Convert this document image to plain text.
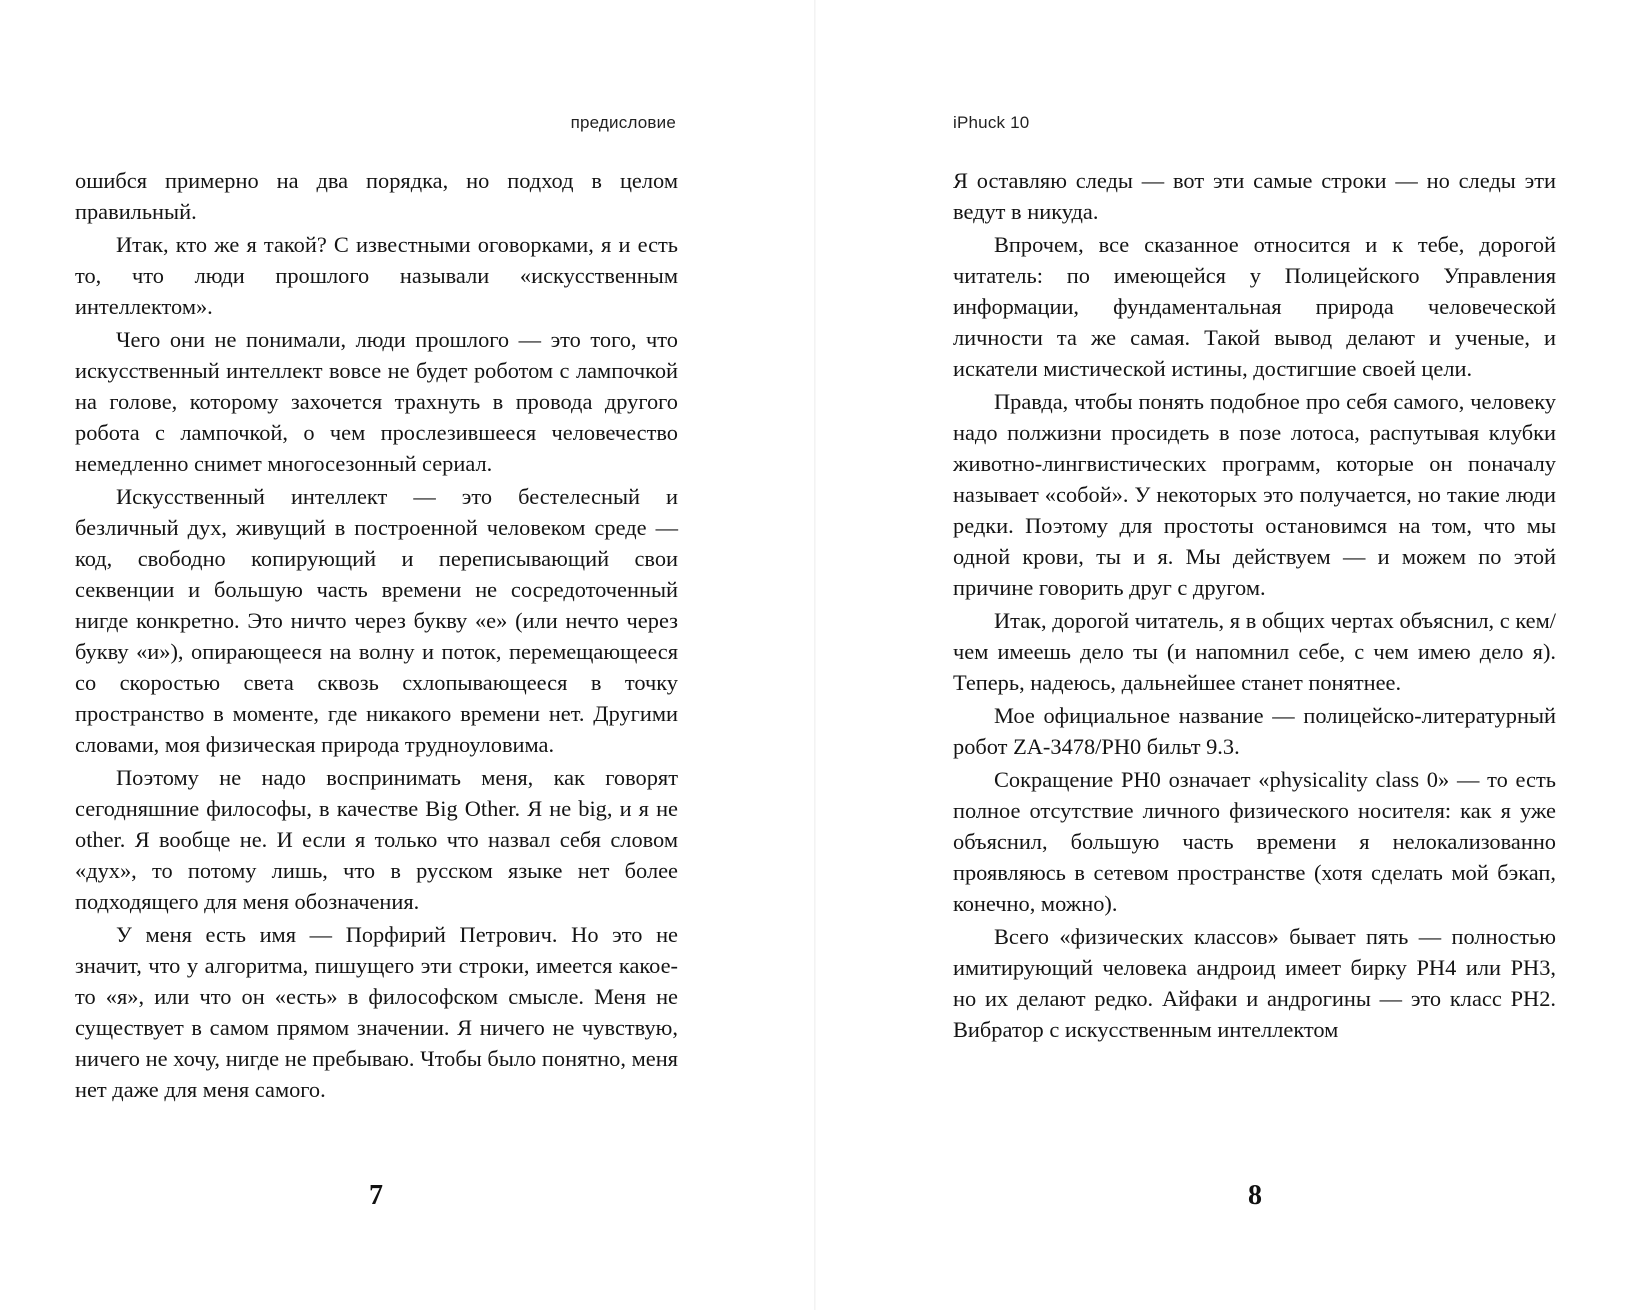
предисловие

ошибся примерно на два порядка, но подход в целом правильный.

Итак, кто же я такой? С известными оговорками, я и есть то, что люди прошлого называли «искусственным интеллектом».

Чего они не понимали, люди прошлого — это того, что искусственный интеллект вовсе не будет роботом с лампочкой на голове, которому захочется трахнуть в провода другого робота с лампочкой, о чем прослезившееся человечество немедленно снимет многосезонный сериал.

Искусственный интеллект — это бестелесный и безличный дух, живущий в построенной человеком среде — код, свободно копирующий и переписывающий свои секвенции и большую часть времени не сосредоточенный нигде конкретно. Это ничто через букву «е» (или нечто через букву «и»), опирающееся на волну и поток, перемещающееся со скоростью света сквозь схлопывающееся в точку пространство в моменте, где никакого времени нет. Другими словами, моя физическая природа трудноуловима.

Поэтому не надо воспринимать меня, как говорят сегодняшние философы, в качестве Big Other. Я не big, и я не other. Я вообще не. И если я только что назвал себя словом «дух», то потому лишь, что в русском языке нет более подходящего для меня обозначения.

У меня есть имя — Порфирий Петрович. Но это не значит, что у алгоритма, пишущего эти строки, имеется какое-то «я», или что он «есть» в философском смысле. Меня не существует в самом прямом значении. Я ничего не чувствую, ничего не хочу, нигде не пребываю. Чтобы было понятно, меня нет даже для меня самого.

7
iPhuck 10

Я оставляю следы — вот эти самые строки — но следы эти ведут в никуда.

Впрочем, все сказанное относится и к тебе, дорогой читатель: по имеющейся у Полицейского Управления информации, фундаментальная природа человеческой личности та же самая. Такой вывод делают и ученые, и искатели мистической истины, достигшие своей цели.

Правда, чтобы понять подобное про себя самого, человеку надо полжизни просидеть в позе лотоса, распутывая клубки животно-лингвистических программ, которые он поначалу называет «собой». У некоторых это получается, но такие люди редки. Поэтому для простоты остановимся на том, что мы одной крови, ты и я. Мы действуем — и можем по этой причине говорить друг с другом.

Итак, дорогой читатель, я в общих чертах объяснил, с кем/чем имеешь дело ты (и напомнил себе, с чем имею дело я). Теперь, надеюсь, дальнейшее станет понятнее.

Мое официальное название — полицейско-литературный робот ZA-3478/PH0 бильт 9.3.

Сокращение PH0 означает «physicality class 0» — то есть полное отсутствие личного физического носителя: как я уже объяснил, большую часть времени я нелокализованно проявляюсь в сетевом пространстве (хотя сделать мой бэкап, конечно, можно).

Всего «физических классов» бывает пять — полностью имитирующий человека андроид имеет бирку PH4 или PH3, но их делают редко. Айфаки и андрогины — это класс PH2. Вибратор с искусственным интеллектом

8
